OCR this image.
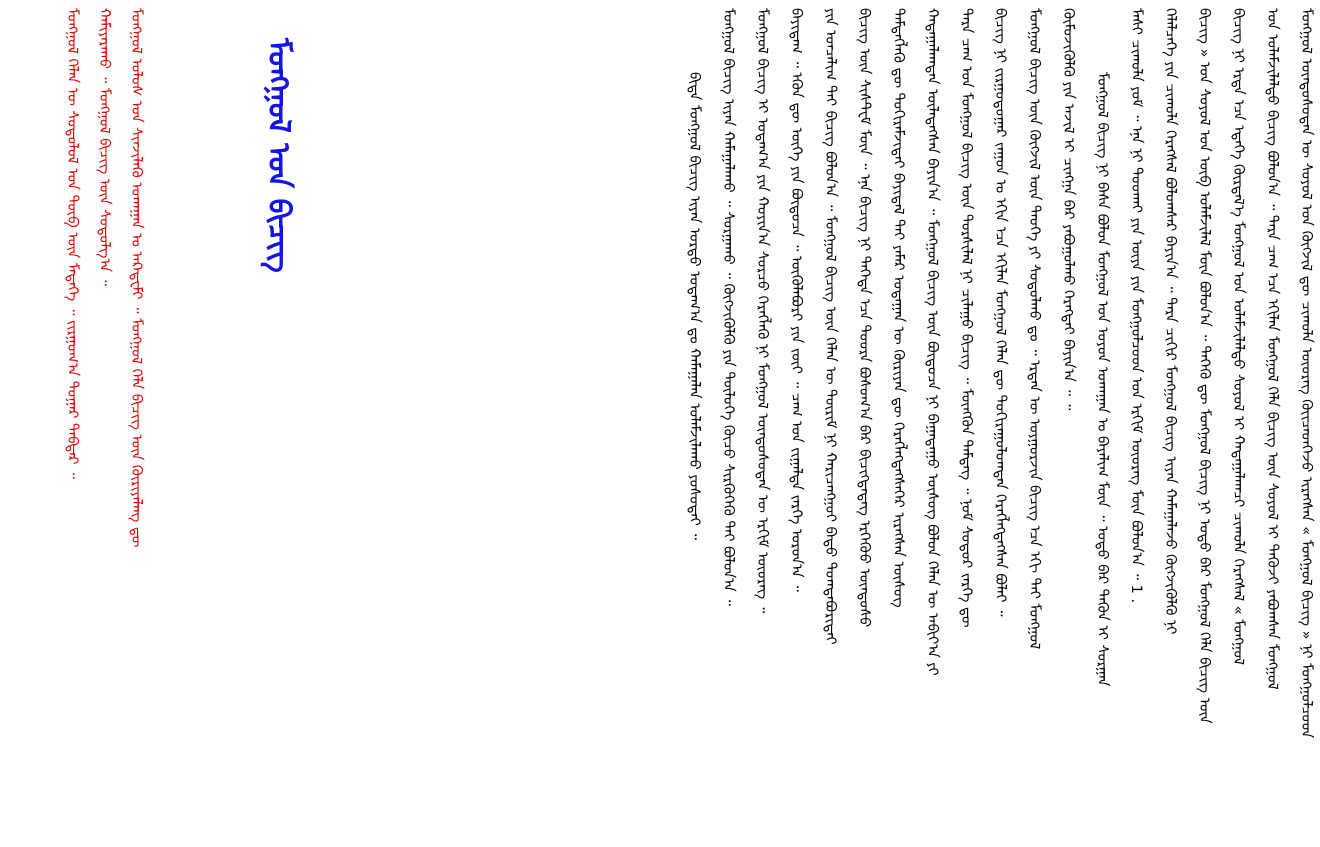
ᠮᠣᠩᠭᠣᠯ ᠦᠨᠳᠦᠰᠦᠲᠡᠨ ᠦ ᠰᠣᠶᠣᠯ ᠤᠨ ᠬᠥᠭᠵᠢᠯ ᠳᠦ ᠴᠢᠬᠤᠯᠠ ᠦᠦᠷᠡᠭ ᠭᠦᠢᠴᠡᠳᠭᠡᠵᠦ ᠢᠷᠡᠭᠰᠡᠨ « ᠮᠣᠩᠭᠣᠯ ᠪᠢᠴᠢᠭ » ᠨᠢ ᠮᠣᠩᠭᠣᠯᠴᠤᠳ
ᠤᠨ ᠤᠯᠠᠮᠵᠢᠯᠠᠯᠲᠤ ᠪᠢᠴᠢᠭ ᠪᠣᠯᠤᠨ᠎ᠠ ᠃ ᠲᠡᠷᠡ ᠴᠠᠭ ᠡᠴᠡ ᠡᠬᠢᠯᠡᠨ ᠮᠣᠩᠭᠣᠯ ᠬᠡᠯᠡ ᠪᠢᠴᠢᠭ ᠦᠨ ᠰᠣᠶᠣᠯ ᠢ ᠲᠡᠭᠦᠵᠢ ᠶᠠᠪᠤᠭᠰᠠᠨ ᠮᠣᠩᠭᠣᠯ
ᠪᠢᠴᠢᠭ ᠨᠢ ᠡᠷᠲᠡ ᠡᠴᠡ ᠡᠳᠡᠭᠡ ᠬᠦᠷᠲᠡᠯ᠎ᠡ ᠮᠣᠩᠭᠣᠯ ᠤᠨ ᠤᠯᠠᠮᠵᠢᠯᠠᠯᠲᠤ ᠰᠣᠶᠣᠯ ᠢ ᠬᠠᠳᠠᠭᠠᠯᠠᠭᠴᠢ ᠴᠢᠬᠤᠯᠠ ᠬᠡᠷᠡᠭᠰᠡᠯ « ᠮᠣᠩᠭᠣᠯ
ᠪᠢᠴᠢᠭ » ᠤᠨ ᠰᠣᠶᠣᠯ ᠤᠨ ᠦᠪ ᠤᠯᠠᠮᠵᠢᠯᠠᠯ ᠮᠥᠨ ᠪᠣᠯᠤᠨ᠎ᠠ ᠃ ᠲᠡᠭᠡᠬᠦ ᠳᠦ ᠮᠣᠩᠭᠣᠯ ᠪᠢᠴᠢᠭ ᠨᠢ ᠣᠳᠣ ᠪᠡᠷ ᠮᠣᠩᠭᠣᠯ ᠬᠡᠯᠡ ᠪᠢᠴᠢᠭ ᠦᠨ
ᠬᠡᠯᠡᠯᠴᠡᠭᠡ ᠶᠢᠨ ᠴᠢᠬᠤᠯᠠ ᠬᠡᠷᠡᠭᠰᠡᠯ ᠪᠣᠯᠤᠭᠰᠠᠷ ᠪᠠᠶᠢᠨ᠎ᠠ ᠃ ᠲᠡᠷᠡ ᠴᠢᠭᠢᠷ ᠮᠣᠩᠭᠣᠯ ᠪᠢᠴᠢᠭ ᠢᠶᠡᠨ ᠬᠠᠮᠠᠭᠠᠯᠠᠵᠤ ᠬᠥᠭᠵᠢᠭᠦᠯᠬᠦ ᠨᠢ
ᠮᠠᠰᠢ ᠴᠢᠬᠤᠯᠠ ᠶᠤᠮ ᠃ ᠡᠨᠡ ᠨᠢ ᠲᠤᠤᠬᠠᠢ ᠶᠢᠨ ᠦᠶᠡ ᠶᠢᠨ ᠮᠣᠩᠭᠣᠯᠴᠤᠳ ᠤᠨ ᠡᠷᠬᠢᠮ ᠦᠦᠷᠡᠭ ᠮᠥᠨ ᠪᠣᠯᠤᠨ᠎ᠠ ᠃ 1 .
ᠮᠣᠩᠭᠣᠯ ᠪᠢᠴᠢᠭ ᠨᠢ ᠪᠠᠰᠠ ᠪᠣᠯᠤᠨ ᠮᠣᠩᠭᠣᠯ ᠤᠨ ᠣᠶᠤᠨ ᠤᠬᠠᠭᠠᠨ ᠤ ᠪᠠᠶᠠᠯᠢᠭ ᠮᠥᠨ ᠃ ᠣᠳᠣ ᠪᠡᠷ ᠲᠡᠬᠦᠨ ᠢ ᠰᠤᠷᠭᠠᠨ
ᠬᠦᠮᠦᠵᠢᠭᠦᠯᠬᠦ ᠶᠢᠨ ᠠᠵᠢᠯ ᠢ ᠴᠢᠩᠭᠠ ᠪᠡᠷ ᠶᠠᠪᠤᠭᠤᠯᠬᠤ ᠬᠡᠷᠡᠭᠲᠡᠢ ᠪᠠᠶᠢᠨ᠎ᠠ ᠃ ᠃
ᠮᠣᠩᠭᠣᠯ ᠪᠢᠴᠢᠭ ᠦᠨ ᠬᠥᠭᠵᠢᠯ ᠦᠨ ᠲᠡᠦᠬᠡ ᠶᠢ ᠰᠤᠳᠤᠯᠬᠤ ᠳᠤ ᠃ ᠡᠷᠲᠡᠨ ᠦ ᠤᠶᠭᠤᠷᠵᠢᠨ ᠪᠢᠴᠢᠭ ᠡᠴᠡ ᠡᠬᠢ ᠲᠡᠢ ᠮᠣᠩᠭᠣᠯ
ᠪᠢᠴᠢᠭ ᠨᠢ ᠵᠢᠷᠭᠤᠳᠤᠭᠠᠷ ᠵᠠᠭᠤᠨ ᠤ ᠡᠬᠢᠨ ᠡᠴᠡ ᠡᠬᠢᠯᠡᠨ ᠮᠣᠩᠭᠣᠯ ᠬᠡᠯᠡᠨ ᠳᠦ ᠲᠣᠬᠢᠷᠠᠭᠤᠯᠤᠭᠳᠠᠨ ᠬᠡᠷᠡᠭᠯᠡᠭᠳᠡᠭᠰᠡᠨ ᠪᠣᠯᠠᠢ ᠃
ᠲᠡᠷᠡ ᠴᠠᠭ ᠤᠨ ᠮᠣᠩᠭᠣᠯ ᠪᠢᠴᠢᠭ ᠦᠨ ᠳᠤᠷᠰᠢᠯᠠᠯ ᠨᠢ ᠴᠢᠯᠠᠭᠤ ᠪᠢᠴᠢᠭ ᠃ ᠮᠥᠩᠭᠥᠨ ᠲᠡᠮᠳᠡᠭ ᠃ ᠨᠣᠮ ᠰᠤᠳᠤᠷ ᠵᠡᠷᠭᠡ ᠳᠦ
ᠬᠠᠳᠠᠭᠠᠯᠠᠭᠳᠠᠨ ᠦᠯᠡᠳᠡᠭᠰᠡᠨ ᠪᠠᠶᠢᠨ᠎ᠠ ᠃ ᠮᠣᠩᠭᠣᠯ ᠪᠢᠴᠢᠭ ᠦᠨ ᠪᠦᠲᠦᠴᠡ ᠨᠢ ᠪᠠᠭᠠᠳᠠᠭᠤ ᠦᠰᠦᠭ ᠪᠣᠯᠤᠨ ᠬᠡᠯᠡᠨ ᠦ ᠠᠪᠢᠶ᠎ᠠ ᠶᠢ
ᠲᠡᠮᠳᠡᠭᠯᠡᠬᠦ ᠳᠦ ᠲᠣᠬᠢᠷᠠᠮᠵᠢᠲᠠᠢ ᠪᠠᠶᠢᠳᠠᠯ ᠲᠠᠢ ᠶᠠᠮᠠᠷ ᠤᠳᠠᠭᠠᠨ ᠦ ᠬᠦᠷᠢᠶᠡᠨ ᠳᠦ ᠬᠡᠷᠡᠭᠯᠡᠭᠳᠡᠭᠰᠡᠭᠡᠷ ᠢᠷᠡᠭᠰᠡᠨ ᠦᠰᠦᠭ
ᠪᠢᠴᠢᠭ ᠦᠨ ᠰᠢᠰᠲᠸᠮ ᠮᠥᠨ ᠃ ᠡᠨᠡ ᠪᠢᠴᠢᠭ ᠨᠢ ᠲᠡᠭᠡᠳᠡ ᠡᠴᠡ ᠳᠣᠣᠷᠠ ᠪᠣᠰᠤᠭ᠎ᠠ ᠪᠠᠷ ᠪᠢᠴᠢᠭᠳᠡᠳᠡᠭ ᠡᠷᠬᠡᠭᠦᠦ ᠦᠨᠳᠦᠰᠦ
ᠶᠢᠨ ᠣᠨᠴᠠᠯᠢᠭ ᠲᠠᠢ ᠪᠢᠴᠢᠭ ᠪᠣᠯᠤᠨ᠎ᠠ ᠃ ᠮᠣᠩᠭᠣᠯ ᠪᠢᠴᠢᠭ ᠦᠨ ᠬᠡᠯᠡᠨ ᠦ ᠳᠦᠷᠢᠮ ᠨᠢ ᠬᠠᠷᠢᠴᠠᠩᠭᠤᠢ ᠪᠠᠲᠤ ᠲᠣᠭᠲᠠᠪᠤᠷᠢᠲᠠᠢ
ᠪᠠᠶᠢᠳᠠᠭ ᠃ ᠡᠭᠦᠨ ᠳᠦ ᠦᠭᠡ ᠶᠢᠨ ᠪᠦᠲᠦᠴᠡ ᠃ ᠥᠭᠦᠯᠡᠪᠦᠷᠢ ᠶᠢᠨ ᠵᠦᠢ ᠃ ᠴᠠᠭ ᠤᠨ ᠵᠢᠭᠠᠯᠲᠠ ᠵᠡᠷᠭᠡ ᠣᠷᠣᠨ᠎ᠠ ᠃
ᠮᠣᠩᠭᠣᠯ ᠪᠢᠴᠢᠭ ᠢ ᠤᠳᠠᠭ᠎ᠠ ᠶᠢᠨ ᠬᠣᠶᠢᠨ᠎ᠠ ᠰᠤᠷᠴᠤ ᠬᠡᠷᠡᠭᠯᠡᠬᠦ ᠨᠢ ᠮᠣᠩᠭᠣᠯ ᠦᠨᠳᠦᠰᠦᠲᠡᠨ ᠦ ᠡᠷᠬᠢᠮ ᠦᠦᠷᠡᠭ ᠃
ᠮᠣᠩᠭᠣᠯ ᠪᠢᠴᠢᠭ ᠢᠶᠡᠨ ᠬᠠᠮᠠᠭᠠᠯᠠᠬᠤ ᠃ ᠰᠤᠷᠭᠠᠬᠤ ᠃ ᠬᠥᠭᠵᠢᠭᠦᠯᠬᠦ ᠶᠢᠨ ᠲᠥᠯᠥᠭᠡ ᠬᠦᠴᠦ ᠰᠢᠷᠭᠦᠬᠡᠬᠦ ᠲᠡᠢ ᠪᠣᠯᠤᠨ᠎ᠠ ᠃
ᠪᠢᠳᠡ ᠮᠣᠩᠭᠣᠯ ᠪᠢᠴᠢᠭ ᠢᠶᠡᠨ ᠤᠷᠲᠤ ᠤᠳᠠᠭ᠎ᠠ ᠳᠤ ᠬᠠᠮᠠᠭᠠᠯᠠᠨ ᠤᠯᠠᠮᠵᠢᠯᠠᠬᠤ ᠶᠣᠰᠣᠲᠠᠢ ᠃
ᠮᠣᠩᠭᠣᠯ ᠤᠨ ᠪᠢᠴᠢᠭ
ᠮᠣᠩᠭᠣᠯ ᠤᠯᠤᠰ ᠤᠨ ᠰᠢᠨᠵᠢᠯᠡᠬᠦ ᠤᠬᠠᠭᠠᠨ ᠤ ᠠᠺᠠᠳᠧᠮᠢ ᠃ ᠮᠣᠩᠭᠣᠯ ᠬᠡᠯᠡ ᠪᠢᠴᠢᠭ ᠦᠨ ᠬᠦᠷᠢᠶᠡᠯᠡᠩ ᠳᠦ
ᠬᠠᠮᠢᠶᠠᠷᠠᠬᠤ ᠃ ᠮᠣᠩᠭᠣᠯ ᠪᠢᠴᠢᠭ ᠦᠨ ᠰᠤᠳᠤᠯᠭ᠎ᠠ ᠃
ᠮᠣᠩᠭᠣᠯ ᠬᠡᠯᠡᠨ ᠦ ᠰᠤᠳᠤᠯᠤᠯ ᠤᠨ ᠲᠥᠪ ᠦᠨ ᠮᠡᠳᠡᠭᠡ ᠃ ᠵᠢᠷᠭᠤᠭ᠎ᠠ ᠳᠤᠭᠠᠷ ᠳᠡᠪᠲᠡᠷ ᠃
